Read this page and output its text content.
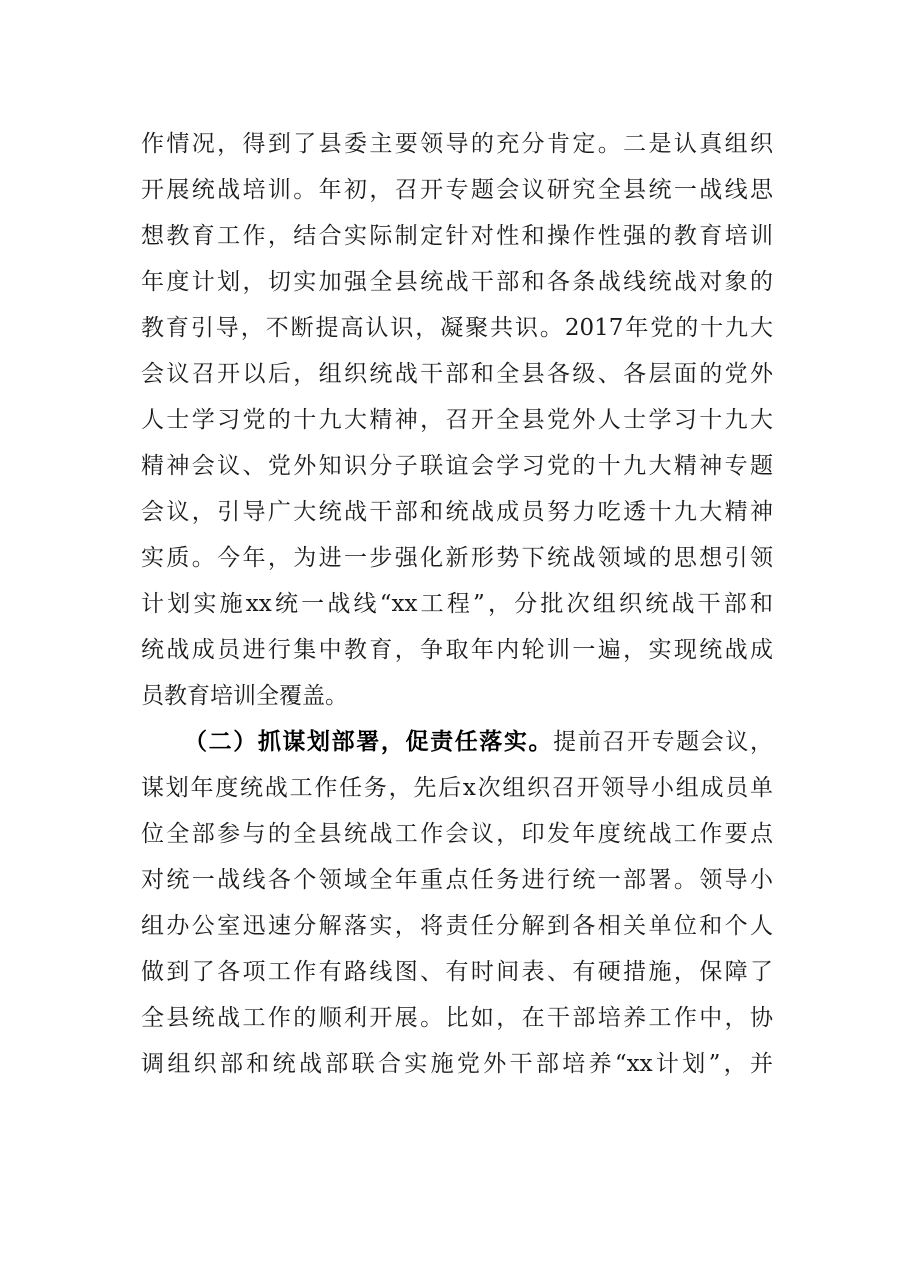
作情况，得到了县委主要领导的充分肯定。二是认真组织
开展统战培训。年初，召开专题会议研究全县统一战线思
想教育工作，结合实际制定针对性和操作性强的教育培训
年度计划，切实加强全县统战干部和各条战线统战对象的
教育引导，不断提高认识，凝聚共识。2017年党的十九大
会议召开以后，组织统战干部和全县各级、各层面的党外
人士学习党的十九大精神，召开全县党外人士学习十九大
精神会议、党外知识分子联谊会学习党的十九大精神专题
会议，引导广大统战干部和统战成员努力吃透十九大精神
实质。今年，为进一步强化新形势下统战领域的思想引领
计划实施xx统一战线“xx工程”，分批次组织统战干部和
统战成员进行集中教育，争取年内轮训一遍，实现统战成
员教育培训全覆盖。
（二）抓谋划部署，促责任落实。提前召开专题会议，
谋划年度统战工作任务，先后x次组织召开领导小组成员单
位全部参与的全县统战工作会议，印发年度统战工作要点
对统一战线各个领域全年重点任务进行统一部署。领导小
组办公室迅速分解落实，将责任分解到各相关单位和个人
做到了各项工作有路线图、有时间表、有硬措施，保障了
全县统战工作的顺利开展。比如，在干部培养工作中，协
调组织部和统战部联合实施党外干部培养“xx计划”，并
